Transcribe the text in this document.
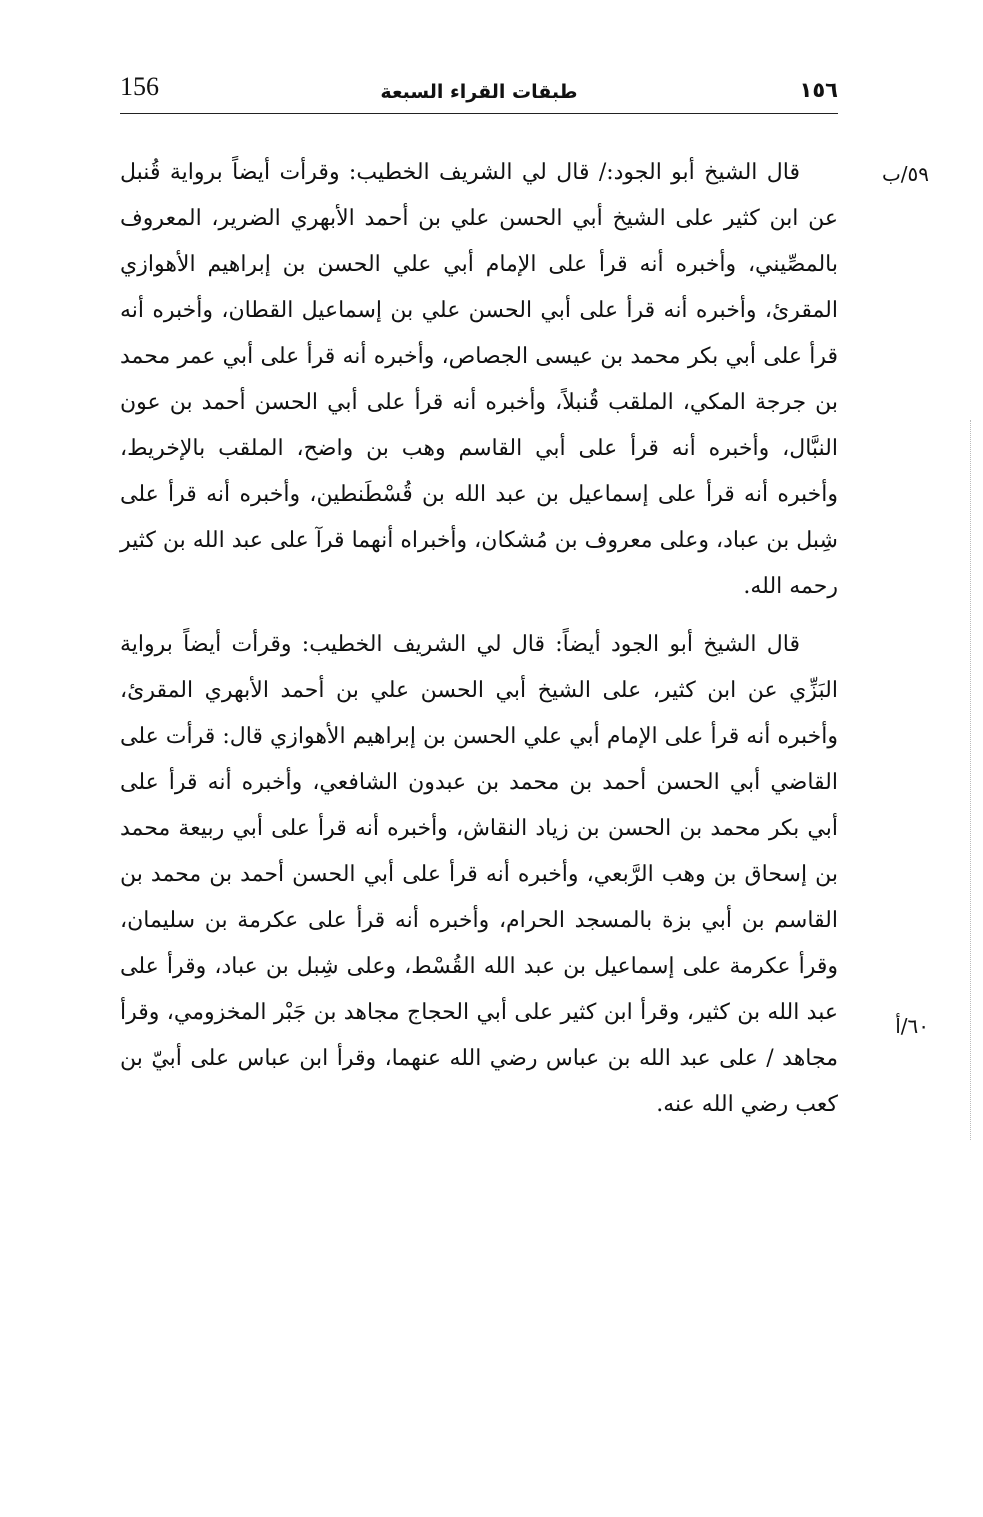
156	طبقات القراء السبعة	١٥٦
٥٩/ب
٦٠/أ

قال الشيخ أبو الجود:/ قال لي الشريف الخطيب: وقرأت أيضاً برواية قُنبل عن ابن كثير على الشيخ أبي الحسن علي بن أحمد الأبهري الضرير، المعروف بالمصِّيني، وأخبره أنه قرأ على الإمام أبي علي الحسن بن إبراهيم الأهوازي المقرئ، وأخبره أنه قرأ على أبي الحسن علي بن إسماعيل القطان، وأخبره أنه قرأ على أبي بكر محمد بن عيسى الجصاص، وأخبره أنه قرأ على أبي عمر محمد بن جرجة المكي، الملقب قُنبلاً، وأخبره أنه قرأ على أبي الحسن أحمد بن عون النبَّال، وأخبره أنه قرأ على أبي القاسم وهب بن واضح، الملقب بالإخريط، وأخبره أنه قرأ على إسماعيل بن عبد الله بن قُسْطَنطين، وأخبره أنه قرأ على شِبل بن عباد، وعلى معروف بن مُشكان، وأخبراه أنهما قرآ على عبد الله بن كثير رحمه الله.

قال الشيخ أبو الجود أيضاً: قال لي الشريف الخطيب: وقرأت أيضاً برواية البَزِّي عن ابن كثير، على الشيخ أبي الحسن علي بن أحمد الأبهري المقرئ، وأخبره أنه قرأ على الإمام أبي علي الحسن بن إبراهيم الأهوازي قال: قرأت على القاضي أبي الحسن أحمد بن محمد بن عبدون الشافعي، وأخبره أنه قرأ على أبي بكر محمد بن الحسن بن زياد النقاش، وأخبره أنه قرأ على أبي ربيعة محمد بن إسحاق بن وهب الرَّبعي، وأخبره أنه قرأ على أبي الحسن أحمد بن محمد بن القاسم بن أبي بزة بالمسجد الحرام، وأخبره أنه قرأ على عكرمة بن سليمان، وقرأ عكرمة على إسماعيل بن عبد الله القُسْط، وعلى شِبل بن عباد، وقرأ على عبد الله بن كثير، وقرأ ابن كثير على أبي الحجاج مجاهد بن جَبْر المخزومي، وقرأ مجاهد / على عبد الله بن عباس رضي الله عنهما، وقرأ ابن عباس على أبيّ بن كعب رضي الله عنه.
